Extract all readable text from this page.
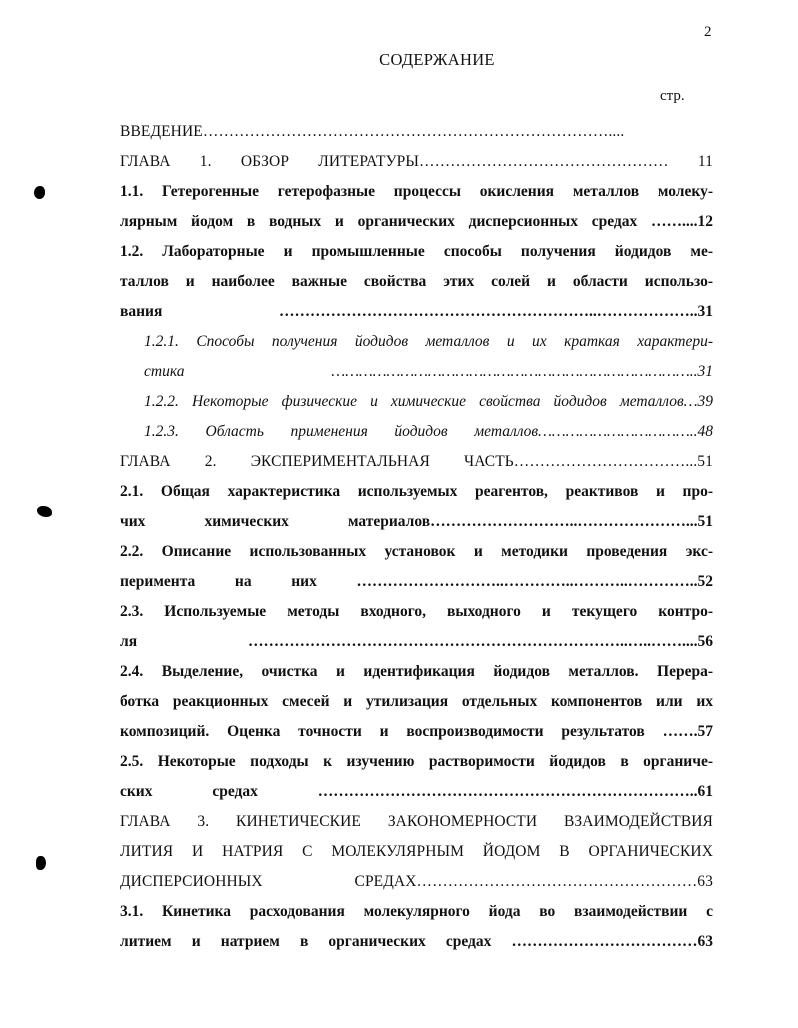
2
СОДЕРЖАНИЕ
стр.
ВВЕДЕНИЕ……………………………………………………………………....
ГЛАВА 1. ОБЗОР ЛИТЕРАТУРЫ………………………………………… 11
1.1. Гетерогенные гетерофазные процессы окисления металлов молеку-
лярным йодом в водных и органических дисперсионных средах ……....12
1.2. Лабораторные и промышленные способы получения йодидов ме-
таллов и наиболее важные свойства этих солей и области использо-
вания ……………………………………………………..………………..31
1.2.1. Способы получения йодидов металлов и их краткая характери-
стика ……………………………………………………………………..31
1.2.2. Некоторые физические и химические свойства йодидов металлов…39
1.2.3. Область применения йодидов металлов……………………………..48
ГЛАВА 2. ЭКСПЕРИМЕНТАЛЬНАЯ ЧАСТЬ……………………………...51
2.1. Общая характеристика используемых реагентов, реактивов и про-
чих химических материалов………………………..…………………...51
2.2. Описание использованных установок и методики проведения экс-
перимента на них ………………………..…………..………..…………..52
2.3. Используемые методы входного, выходного и текущего контро-
ля ………………………………………………………………..…..……....56
2.4. Выделение, очистка и идентификация йодидов металлов. Перера-
ботка реакционных смесей и утилизация отдельных компонентов или их
композиций. Оценка точности и воспроизводимости результатов …….57
2.5. Некоторые подходы к изучению растворимости йодидов в органиче-
ских средах ………………………………………………………………..61
ГЛАВА 3. КИНЕТИЧЕСКИЕ ЗАКОНОМЕРНОСТИ ВЗАИМОДЕЙСТВИЯ
ЛИТИЯ И НАТРИЯ С МОЛЕКУЛЯРНЫМ ЙОДОМ В ОРГАНИЧЕСКИХ
ДИСПЕРСИОННЫХ СРЕДАХ………………………………………………63
3.1. Кинетика расходования молекулярного йода во взаимодействии с
литием и натрием в органических средах ………………………………63
